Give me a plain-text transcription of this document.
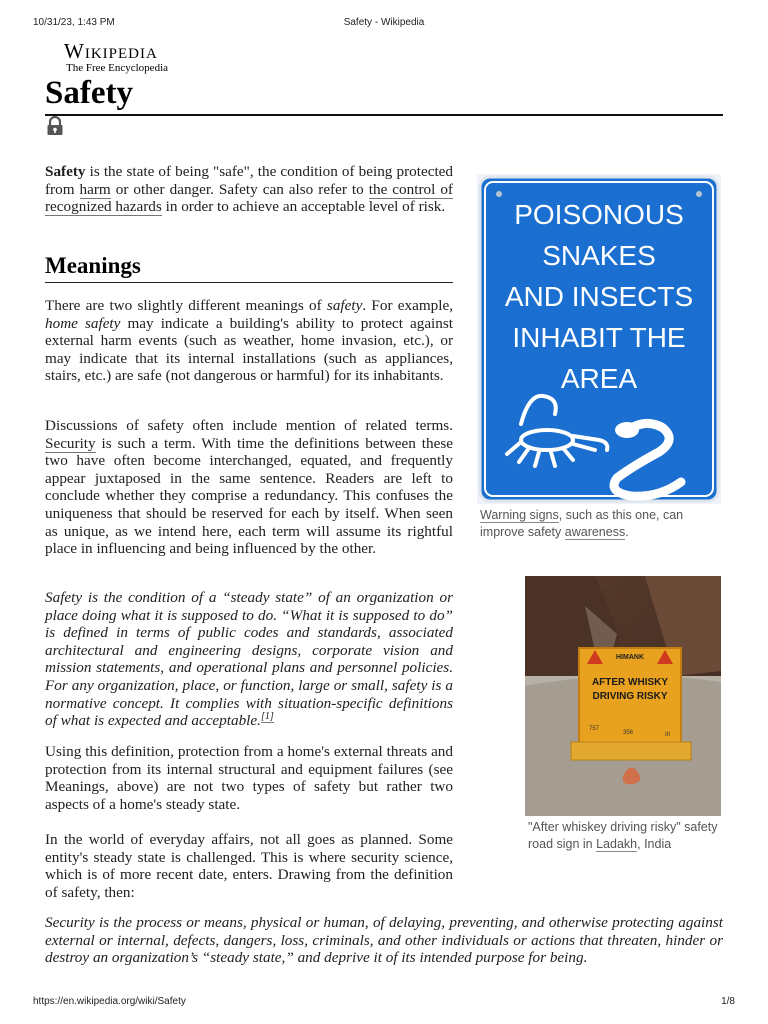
10/31/23, 1:43 PM	Safety - Wikipedia
Wikipedia
The Free Encyclopedia
Safety

Safety is the state of being "safe", the condition of being protected from harm or other danger. Safety can also refer to the control of recognized hazards in order to achieve an acceptable level of risk.

Meanings

There are two slightly different meanings of safety. For example, home safety may indicate a building's ability to protect against external harm events (such as weather, home invasion, etc.), or may indicate that its internal installations (such as appliances, stairs, etc.) are safe (not dangerous or harmful) for its inhabitants.

Discussions of safety often include mention of related terms. Security is such a term. With time the definitions between these two have often become interchanged, equated, and frequently appear juxtaposed in the same sentence. Readers are left to conclude whether they comprise a redundancy. This confuses the uniqueness that should be reserved for each by itself. When seen as unique, as we intend here, each term will assume its rightful place in influencing and being influenced by the other.

Safety is the condition of a “steady state” of an organization or place doing what it is supposed to do. “What it is supposed to do” is defined in terms of public codes and standards, associated architectural and engineering designs, corporate vision and mission statements, and operational plans and personnel policies. For any organization, place, or function, large or small, safety is a normative concept. It complies with situation-specific definitions of what is expected and acceptable.[1]

Using this definition, protection from a home's external threats and protection from its internal structural and equipment failures (see Meanings, above) are not two types of safety but rather two aspects of a home's steady state.

In the world of everyday affairs, not all goes as planned. Some entity's steady state is challenged. This is where security science, which is of more recent date, enters. Drawing from the definition of safety, then:

Security is the process or means, physical or human, of delaying, preventing, and otherwise protecting against external or internal, defects, dangers, loss, criminals, and other individuals or actions that threaten, hinder or destroy an organization’s “steady state,” and deprive it of its intended purpose for being.

POISONOUS
SNAKES
AND INSECTS
INHABIT THE
AREA
Warning signs, such as this one, can improve safety awareness.
HIMANK
AFTER WHISKY
DRIVING RISKY
757
356	III
"After whiskey driving risky" safety road sign in Ladakh, India
https://en.wikipedia.org/wiki/Safety	1/8
